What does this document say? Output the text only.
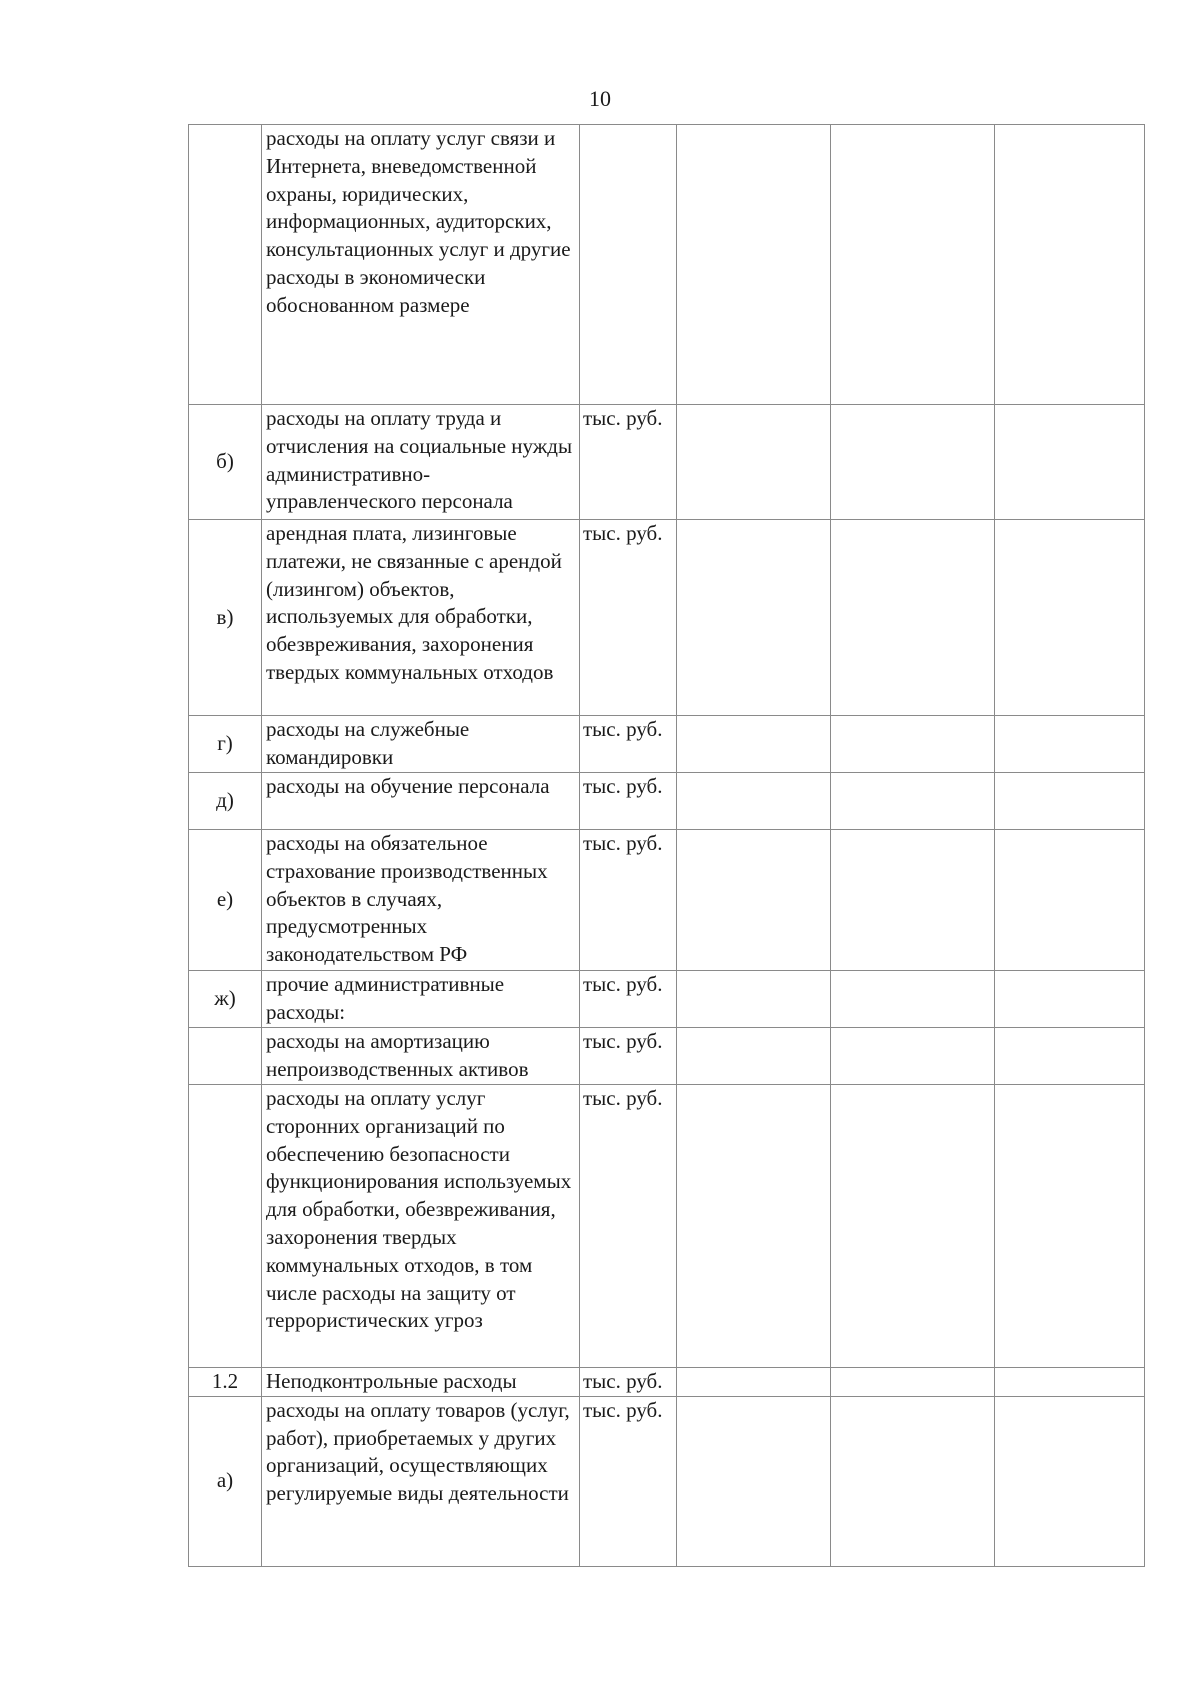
10
	расходы на оплату услуг связи и Интернета, вневедомственной охраны, юридических, информационных, аудиторских, консультационных услуг и другие расходы в экономически обоснованном размере				
б)	расходы на оплату труда и отчисления на социальные нужды административно-управленческого персонала	тыс. руб.			
в)	арендная плата, лизинговые платежи, не связанные с арендой (лизингом) объектов, используемых для обработки, обезвреживания, захоронения твердых коммунальных отходов	тыс. руб.			
г)	расходы на служебные командировки	тыс. руб.			
д)	расходы на обучение персонала	тыс. руб.			
е)	расходы на обязательное страхование производственных объектов в случаях, предусмотренных законодательством РФ	тыс. руб.			
ж)	прочие административные расходы:	тыс. руб.			
	расходы на амортизацию непроизводственных активов	тыс. руб.			
	расходы на оплату услуг сторонних организаций по обеспечению безопасности функционирования используемых для обработки, обезвреживания, захоронения твердых коммунальных отходов, в том числе расходы на защиту от террористических угроз	тыс. руб.			
1.2	Неподконтрольные расходы	тыс. руб.			
а)	расходы на оплату товаров (услуг, работ), приобретаемых у других организаций, осуществляющих регулируемые виды деятельности	тыс. руб.			
